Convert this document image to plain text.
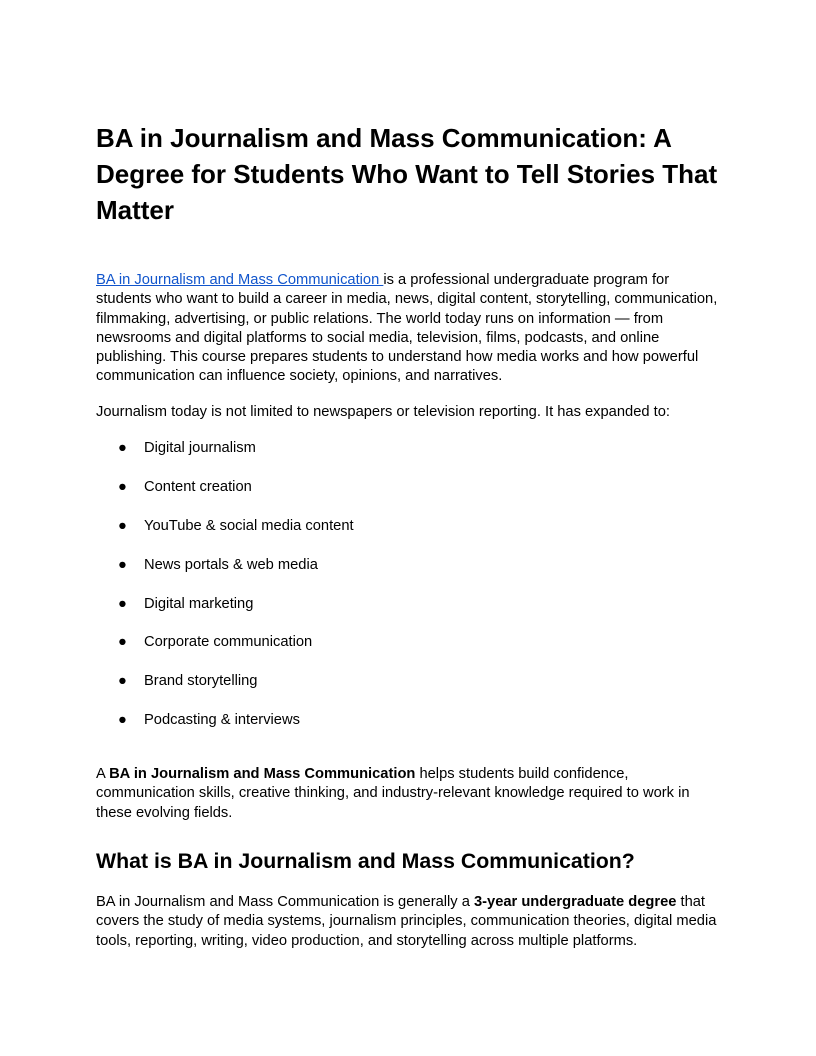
BA in Journalism and Mass Communication: A Degree for Students Who Want to Tell Stories That Matter

BA in Journalism and Mass Communication is a professional undergraduate program for students who want to build a career in media, news, digital content, storytelling, communication, filmmaking, advertising, or public relations. The world today runs on information — from newsrooms and digital platforms to social media, television, films, podcasts, and online publishing. This course prepares students to understand how media works and how powerful communication can influence society, opinions, and narratives.

Journalism today is not limited to newspapers or television reporting. It has expanded to:

● Digital journalism
● Content creation
● YouTube & social media content
● News portals & web media
● Digital marketing
● Corporate communication
● Brand storytelling
● Podcasting & interviews

A BA in Journalism and Mass Communication helps students build confidence, communication skills, creative thinking, and industry-relevant knowledge required to work in these evolving fields.

What is BA in Journalism and Mass Communication?

BA in Journalism and Mass Communication is generally a 3-year undergraduate degree that covers the study of media systems, journalism principles, communication theories, digital media tools, reporting, writing, video production, and storytelling across multiple platforms.
